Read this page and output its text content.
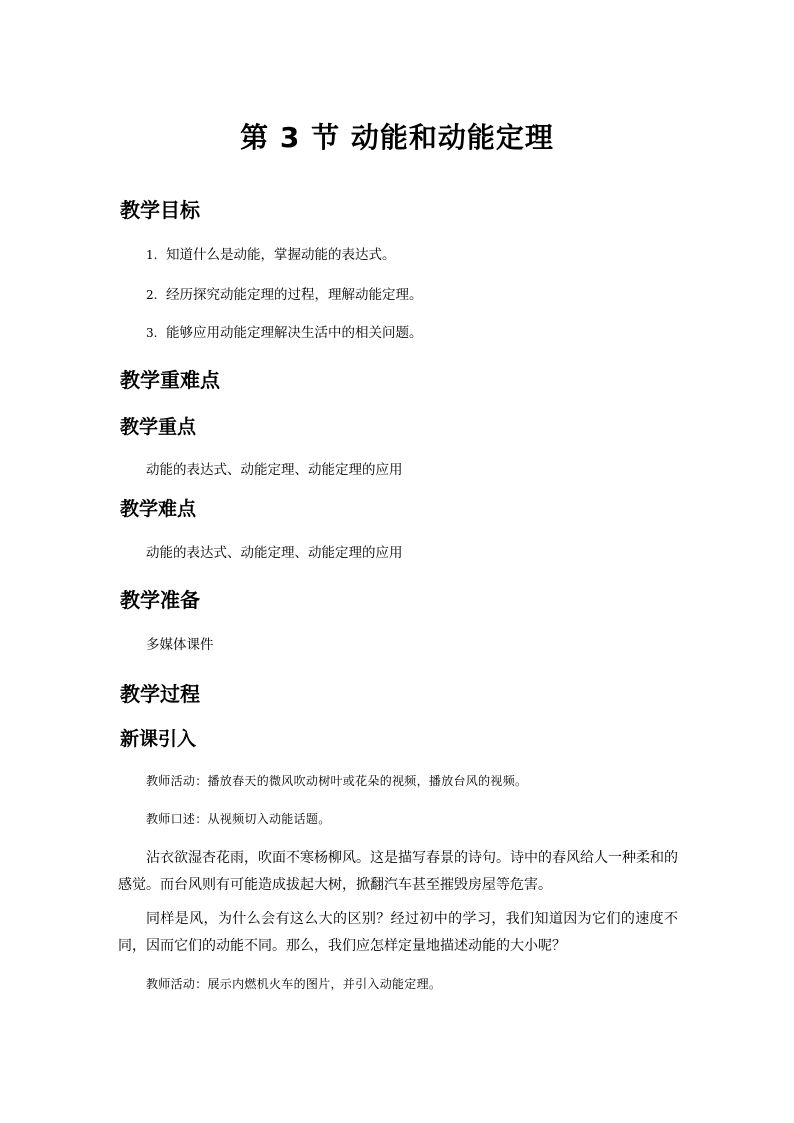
第 3 节 动能和动能定理
教学目标
1. 知道什么是动能，掌握动能的表达式。
2. 经历探究动能定理的过程，理解动能定理。
3. 能够应用动能定理解决生活中的相关问题。
教学重难点
教学重点
动能的表达式、动能定理、动能定理的应用
教学难点
动能的表达式、动能定理、动能定理的应用
教学准备
多媒体课件
教学过程
新课引入
教师活动：播放春天的微风吹动树叶或花朵的视频，播放台风的视频。
教师口述：从视频切入动能话题。
沾衣欲湿杏花雨，吹面不寒杨柳风。这是描写春景的诗句。诗中的春风给人一种柔和的感觉。而台风则有可能造成拔起大树，掀翻汽车甚至摧毁房屋等危害。
同样是风，为什么会有这么大的区别？经过初中的学习，我们知道因为它们的速度不同，因而它们的动能不同。那么，我们应怎样定量地描述动能的大小呢？
教师活动：展示内燃机火车的图片，并引入动能定理。
